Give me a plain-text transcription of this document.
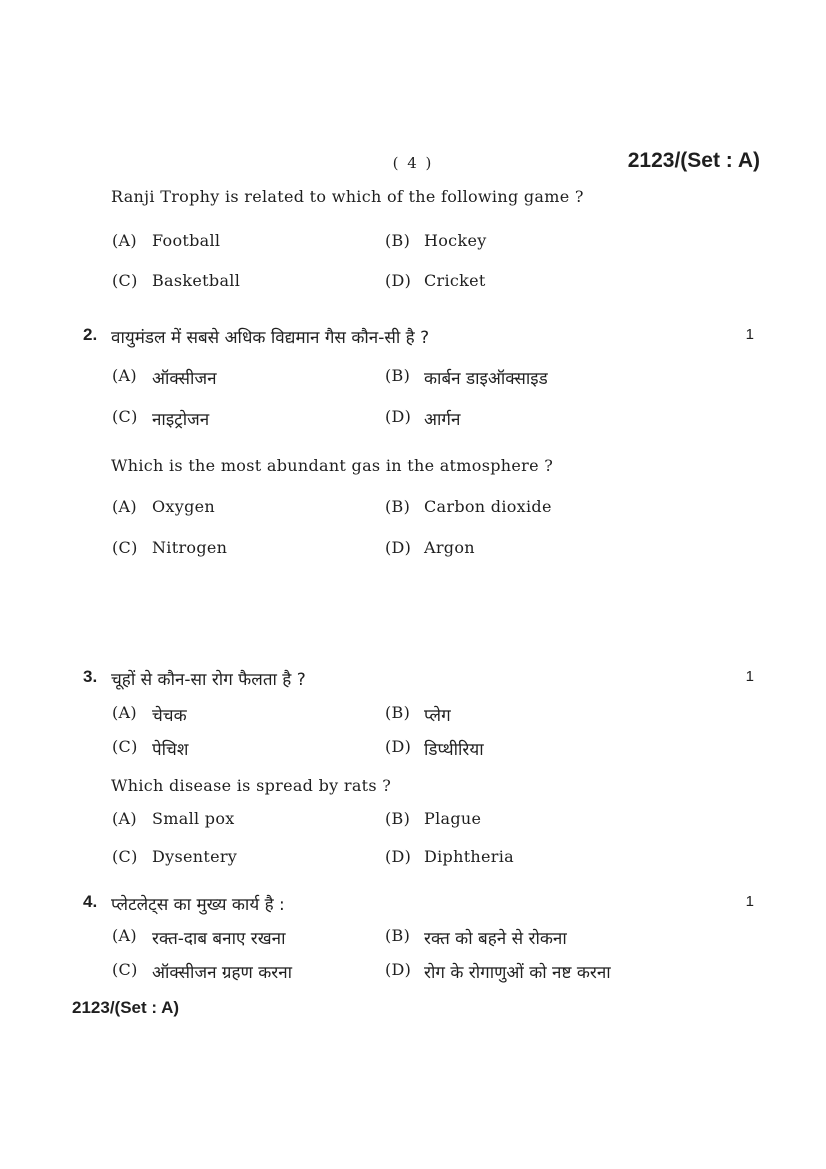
( 4 )	2123/(Set : A)
Ranji Trophy is related to which of the following game ?
(A) Football	(B) Hockey
(C) Basketball	(D) Cricket
2. वायुमंडल में सबसे अधिक विद्यमान गैस कौन-सी है ?	1
(A) ऑक्सीजन	(B) कार्बन डाइऑक्साइड
(C) नाइट्रोजन	(D) आर्गन
Which is the most abundant gas in the atmosphere ?
(A) Oxygen	(B) Carbon dioxide
(C) Nitrogen	(D) Argon
3. चूहों से कौन-सा रोग फैलता है ?	1
(A) चेचक	(B) प्लेग
(C) पेचिश	(D) डिप्थीरिया
Which disease is spread by rats ?
(A) Small pox	(B) Plague
(C) Dysentery	(D) Diphtheria
4. प्लेटलेट्स का मुख्य कार्य है :	1
(A) रक्त-दाब बनाए रखना	(B) रक्त को बहने से रोकना
(C) ऑक्सीजन ग्रहण करना	(D) रोग के रोगाणुओं को नष्ट करना
2123/(Set : A)
